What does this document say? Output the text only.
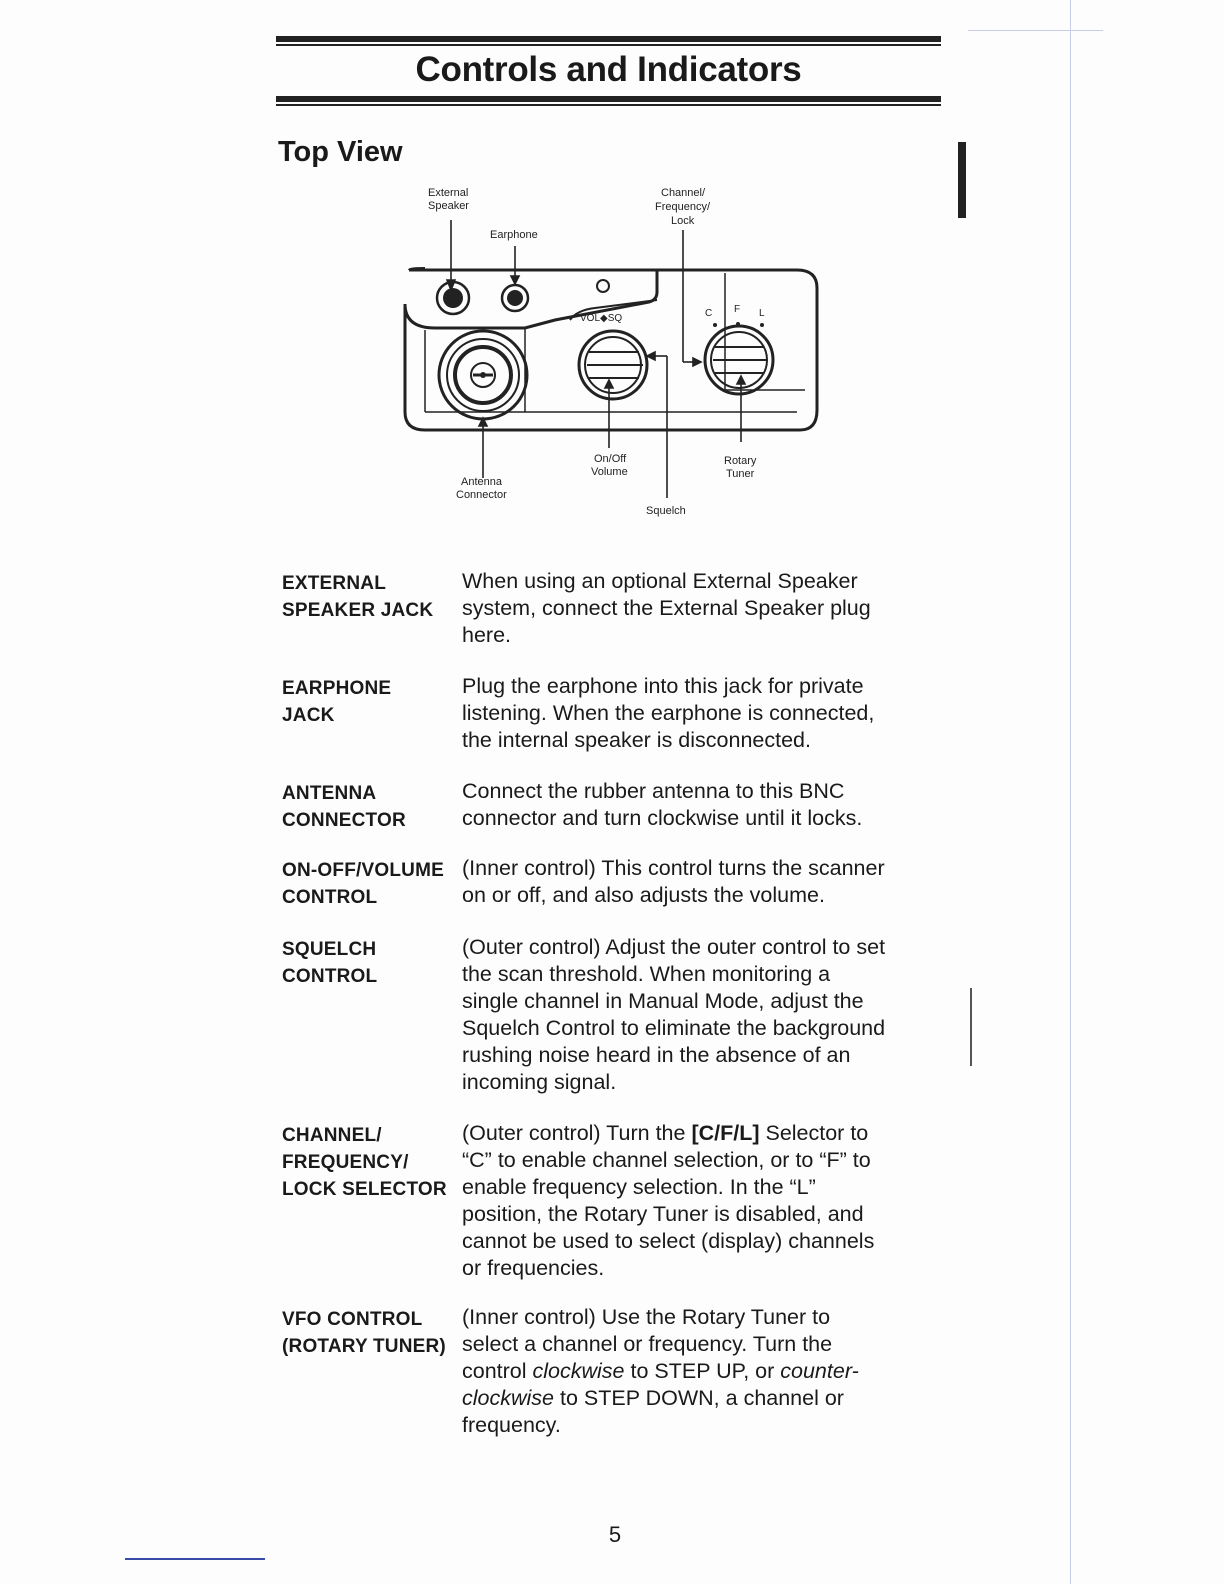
Controls and Indicators
Top View
VOL◆SQ	C F L
External
Speaker
Earphone
Channel/
Frequency/
Lock
Antenna
Connector
On/Off
Volume
Rotary
Tuner
Squelch
EXTERNAL
SPEAKER JACK
When using an optional External Speaker
system, connect the External Speaker plug
here.
EARPHONE
JACK
Plug the earphone into this jack for private
listening. When the earphone is connected,
the internal speaker is disconnected.
ANTENNA
CONNECTOR
Connect the rubber antenna to this BNC
connector and turn clockwise until it locks.
ON-OFF/VOLUME
CONTROL
(Inner control) This control turns the scanner
on or off, and also adjusts the volume.
SQUELCH
CONTROL
(Outer control) Adjust the outer control to set
the scan threshold. When monitoring a
single channel in Manual Mode, adjust the
Squelch Control to eliminate the background
rushing noise heard in the absence of an
incoming signal.
CHANNEL/
FREQUENCY/
LOCK SELECTOR
(Outer control) Turn the [C/F/L] Selector to
“C” to enable channel selection, or to “F” to
enable frequency selection. In the “L”
position, the Rotary Tuner is disabled, and
cannot be used to select (display) channels
or frequencies.
VFO CONTROL
(ROTARY TUNER)
(Inner control) Use the Rotary Tuner to
select a channel or frequency. Turn the
control clockwise to STEP UP, or counter-
clockwise to STEP DOWN, a channel or
frequency.
5
